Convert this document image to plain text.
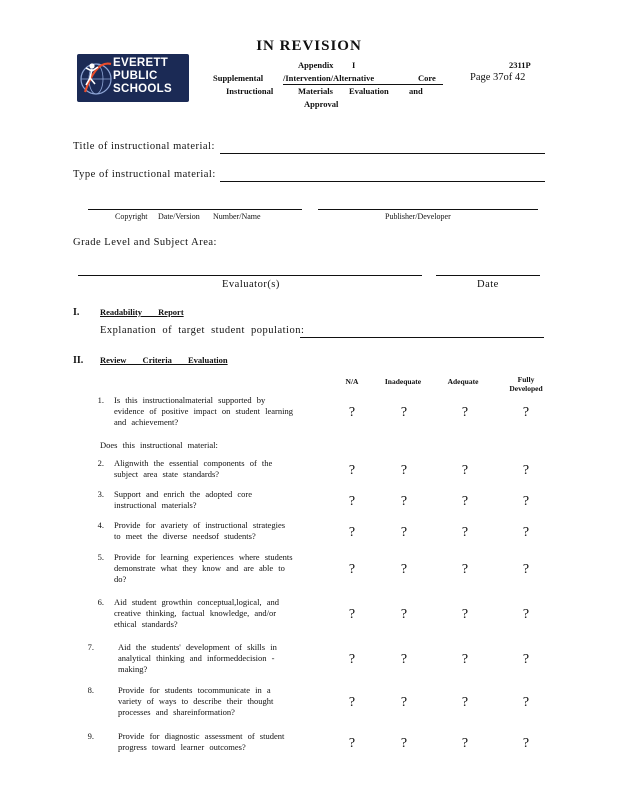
IN REVISION
EVERETT
PUBLIC
SCHOOLS
Appendix I
Supplemental /Intervention/Alternative	Core
Instructional	Materials Evaluation and
Approval
2311P
Page 37of 42
Title of instructional material:
Type of instructional material:
Copyright Date/Version Number/Name	Publisher/Developer
Grade Level and Subject Area:
Evaluator(s)	Date
I. Readability Report
Explanation of target student population:
II. Review Criteria Evaluation
N/A	Inadequate	Adequate	Fully Developed
Does this instructional material:
1. Is this instructionalmaterial supported by
evidence of positive impact on student learning
and achievement?
?	?	?	?
2. Alignwith the essential components of the
subject area state standards?	?	?	?	?
3. Support and enrich the adopted core
instructional materials?	?	?	?	?
4. Provide for avariety of instructional strategies
to meet the diverse needsof students?	?	?	?	?
5. Provide for learning experiences where students
demonstrate what they know and are able to
do?
?	?	?	?
6. Aid student growthin conceptual,logical, and
creative thinking, factual knowledge, and/or
ethical standards?
?	?	?	?
7.	Aid the students' development of skills in
analytical thinking and informeddecision -
making?
?	?	?	?
8.	Provide for students tocommunicate in a
variety of ways to describe their thought
processes and shareinformation?
?	?	?	?
9.	Provide for diagnostic assessment of student
progress toward learner outcomes?	?	?	?	?
